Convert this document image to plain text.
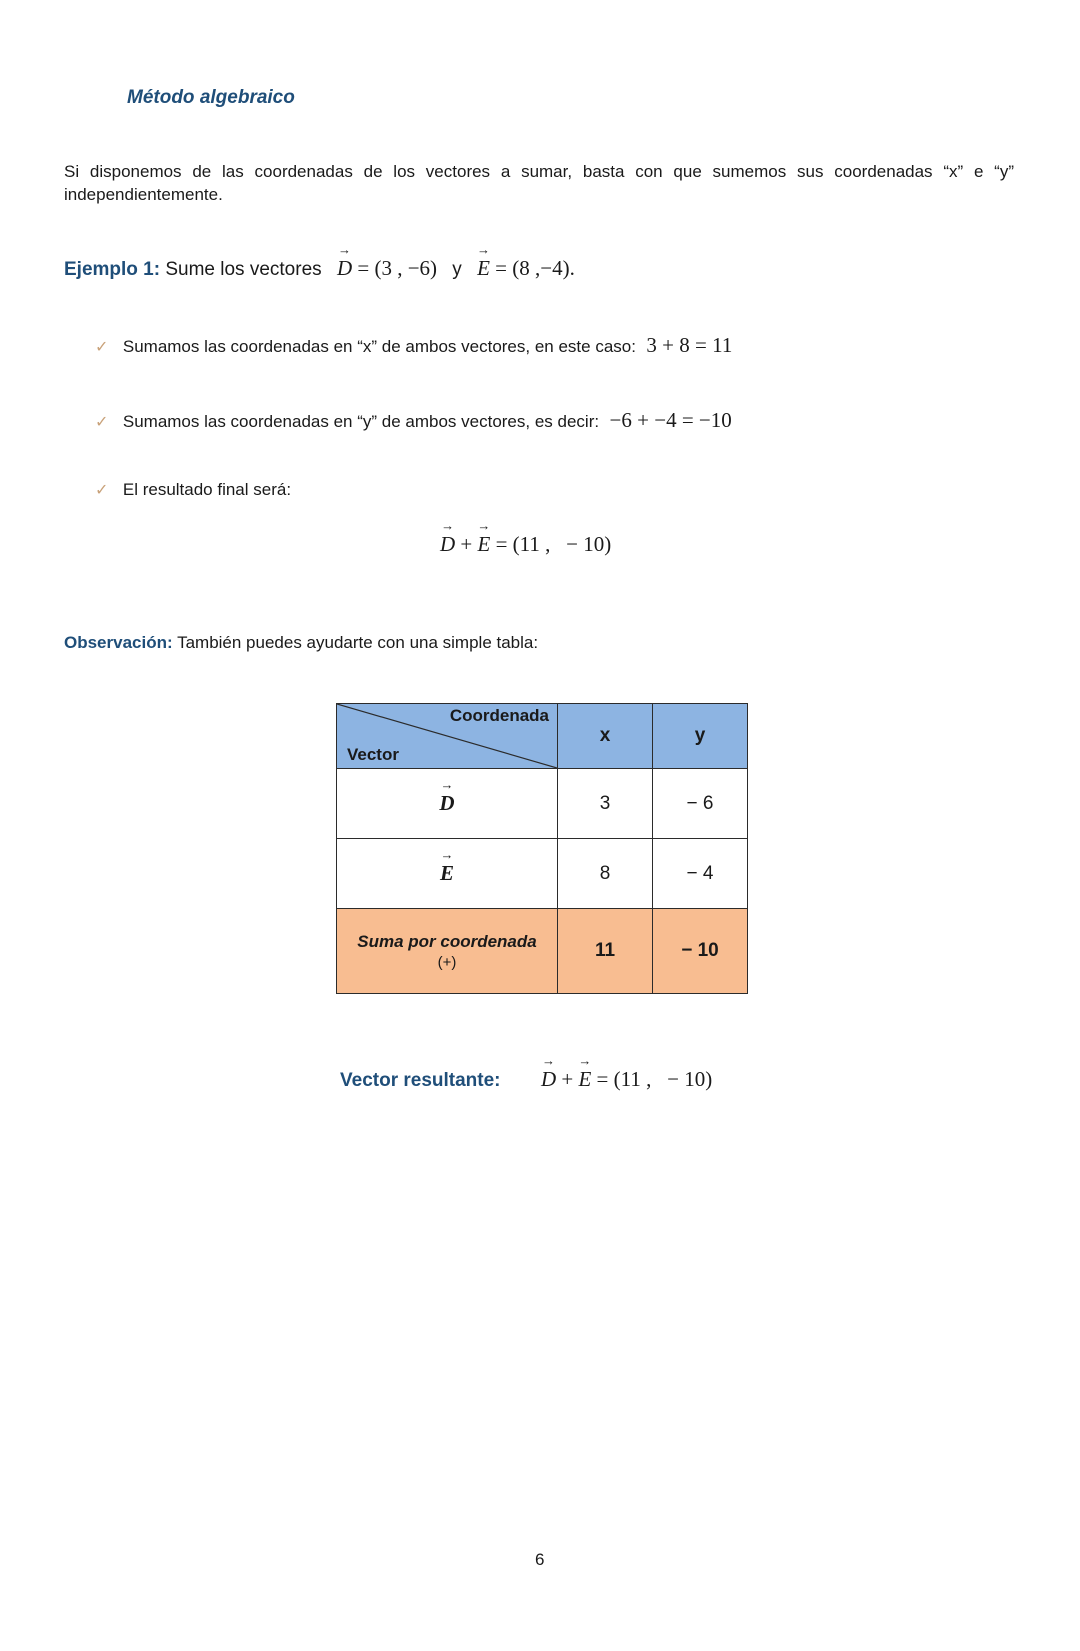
Método algebraico
Si disponemos de las coordenadas de los vectores a sumar, basta con que sumemos sus coordenadas “x” e “y” independientemente.
Ejemplo 1: Sume los vectores
→
D = (3 , −6) y
→
E = (8 ,−4).
✓ Sumamos las coordenadas en “x” de ambos vectores, en este caso: 3 + 8 = 11
✓ Sumamos las coordenadas en “y” de ambos vectores, es decir: −6 + −4 = −10
✓ El resultado final será:
→
D +
→
E = (11 ,   − 10)
Observación: También puedes ayudarte con una simple tabla:
Coordenada
Vector	x	y

→
D	3	− 6

→
E	8	− 4

Suma por coordenada
(+)	11	− 10
Vector resultante:
→
D +
→
E = (11 ,   − 10)
6
